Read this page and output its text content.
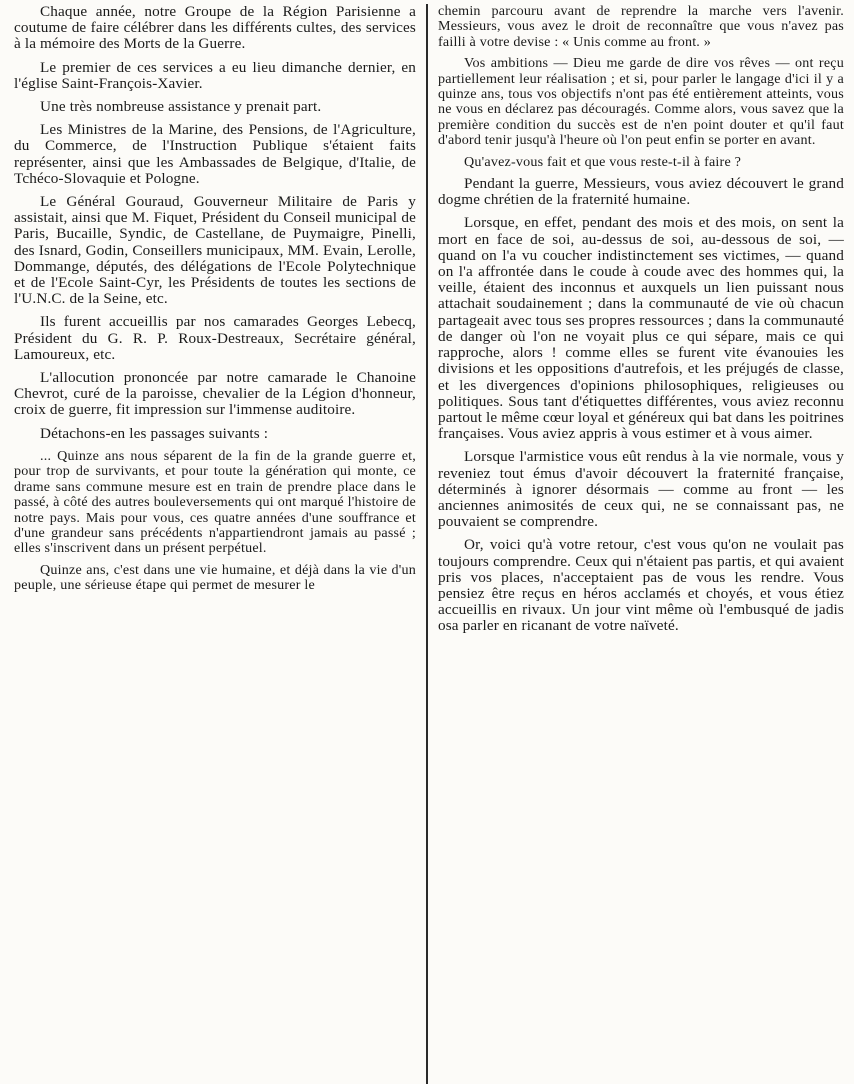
Chaque année, notre Groupe de la Région Parisienne a coutume de faire célébrer dans les différents cultes, des services à la mémoire des Morts de la Guerre.

Le premier de ces services a eu lieu dimanche dernier, en l'église Saint-François-Xavier.

Une très nombreuse assistance y prenait part.

Les Ministres de la Marine, des Pensions, de l'Agriculture, du Commerce, de l'Instruction Publique s'étaient faits représenter, ainsi que les Ambassades de Belgique, d'Italie, de Tchéco-Slovaquie et Pologne.

Le Général Gouraud, Gouverneur Militaire de Paris y assistait, ainsi que M. Fiquet, Président du Conseil municipal de Paris, Bucaille, Syndic, de Castellane, de Puymaigre, Pinelli, des Isnard, Godin, Conseillers municipaux, MM. Evain, Lerolle, Dommange, députés, des délégations de l'Ecole Polytechnique et de l'Ecole Saint-Cyr, les Présidents de toutes les sections de l'U.N.C. de la Seine, etc.

Ils furent accueillis par nos camarades Georges Lebecq, Président du G. R. P. Roux-Destreaux, Secrétaire général, Lamoureux, etc.

L'allocution prononcée par notre camarade le Chanoine Chevrot, curé de la paroisse, chevalier de la Légion d'honneur, croix de guerre, fit impression sur l'immense auditoire.

Détachons-en les passages suivants :

... Quinze ans nous séparent de la fin de la grande guerre et, pour trop de survivants, et pour toute la génération qui monte, ce drame sans commune mesure est en train de prendre place dans le passé, à côté des autres bouleversements qui ont marqué l'histoire de notre pays. Mais pour vous, ces quatre années d'une souffrance et d'une grandeur sans précédents n'appartiendront jamais au passé ; elles s'inscrivent dans un présent perpétuel.

Quinze ans, c'est dans une vie humaine, et déjà dans la vie d'un peuple, une sérieuse étape qui permet de mesurer le

chemin parcouru avant de reprendre la marche vers l'avenir. Messieurs, vous avez le droit de reconnaître que vous n'avez pas failli à votre devise : « Unis comme au front. »

Vos ambitions — Dieu me garde de dire vos rêves — ont reçu partiellement leur réalisation ; et si, pour parler le langage d'ici il y a quinze ans, tous vos objectifs n'ont pas été entièrement atteints, vous ne vous en déclarez pas découragés. Comme alors, vous savez que la première condition du succès est de n'en point douter et qu'il faut d'abord tenir jusqu'à l'heure où l'on peut enfin se porter en avant.

Qu'avez-vous fait et que vous reste-t-il à faire ?

Pendant la guerre, Messieurs, vous aviez découvert le grand dogme chrétien de la fraternité humaine.

Lorsque, en effet, pendant des mois et des mois, on sent la mort en face de soi, au-dessus de soi, au-dessous de soi, — quand on l'a vu coucher indistinctement ses victimes, — quand on l'a affrontée dans le coude à coude avec des hommes qui, la veille, étaient des inconnus et auxquels un lien puissant nous attachait soudainement ; dans la communauté de vie où chacun partageait avec tous ses propres ressources ; dans la communauté de danger où l'on ne voyait plus ce qui sépare, mais ce qui rapproche, alors ! comme elles se furent vite évanouies les divisions et les oppositions d'autrefois, et les préjugés de classe, et les divergences d'opinions philosophiques, religieuses ou politiques. Sous tant d'étiquettes différentes, vous aviez reconnu partout le même cœur loyal et généreux qui bat dans les poitrines françaises. Vous aviez appris à vous estimer et à vous aimer.

Lorsque l'armistice vous eût rendus à la vie normale, vous y reveniez tout émus d'avoir découvert la fraternité française, déterminés à ignorer désormais — comme au front — les anciennes animosités de ceux qui, ne se connaissant pas, ne pouvaient se comprendre.

Or, voici qu'à votre retour, c'est vous qu'on ne voulait pas toujours comprendre. Ceux qui n'étaient pas partis, et qui avaient pris vos places, n'acceptaient pas de vous les rendre. Vous pensiez être reçus en héros acclamés et choyés, et vous étiez accueillis en rivaux. Un jour vint même où l'embusqué de jadis osa parler en ricanant de votre naïveté.
